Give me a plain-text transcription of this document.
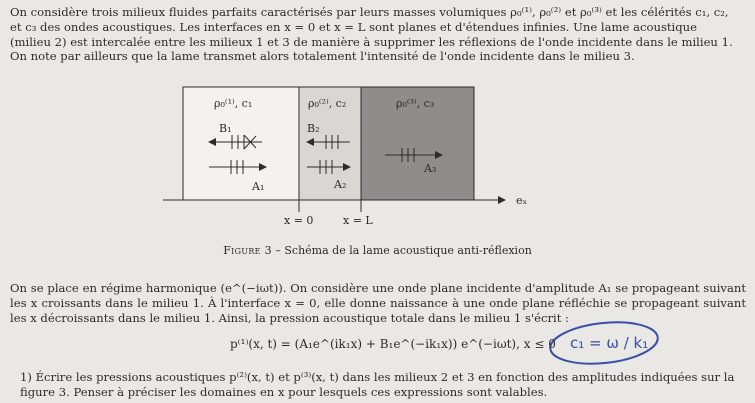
On considère trois milieux fluides parfaits caractérisés par leurs masses volumiques ρ₀⁽¹⁾, ρ₀⁽²⁾ et ρ₀⁽³⁾ et les célérités c₁, c₂,
et c₃ des ondes acoustiques. Les interfaces en x = 0 et x = L sont planes et d'étendues infinies. Une lame acoustique
(milieu 2) est intercalée entre les milieux 1 et 3 de manière à supprimer les réflexions de l'onde incidente dans le milieu 1.
On note par ailleurs que la lame transmet alors totalement l'intensité de l'onde incidente dans le milieu 3.
ρ₀⁽¹⁾, c₁	ρ₀⁽²⁾, c₂	ρ₀⁽³⁾, c₃
B₁
A₁
B₂
A₂
A₃
eₓ
x = 0	x = L
c₁ = ω / k₁
Figure 3 – Schéma de la lame acoustique anti-réflexion
On se place en régime harmonique (e^(−iωt)). On considère une onde plane incidente d'amplitude A₁ se propageant suivant les x croissants dans le milieu 1. À l'interface x = 0, elle donne naissance à une onde plane réfléchie se propageant suivant les x décroissants dans le milieu 1. Ainsi, la pression acoustique totale dans le milieu 1 s'écrit :
p⁽¹⁾(x, t) = (A₁e^(ik₁x) + B₁e^(−ik₁x)) e^(−iωt), x ≤ 0
1) Écrire les pressions acoustiques p⁽²⁾(x, t) et p⁽³⁾(x, t) dans les milieux 2 et 3 en fonction des amplitudes indiquées sur la figure 3. Penser à préciser les domaines en x pour lesquels ces expressions sont valables.
